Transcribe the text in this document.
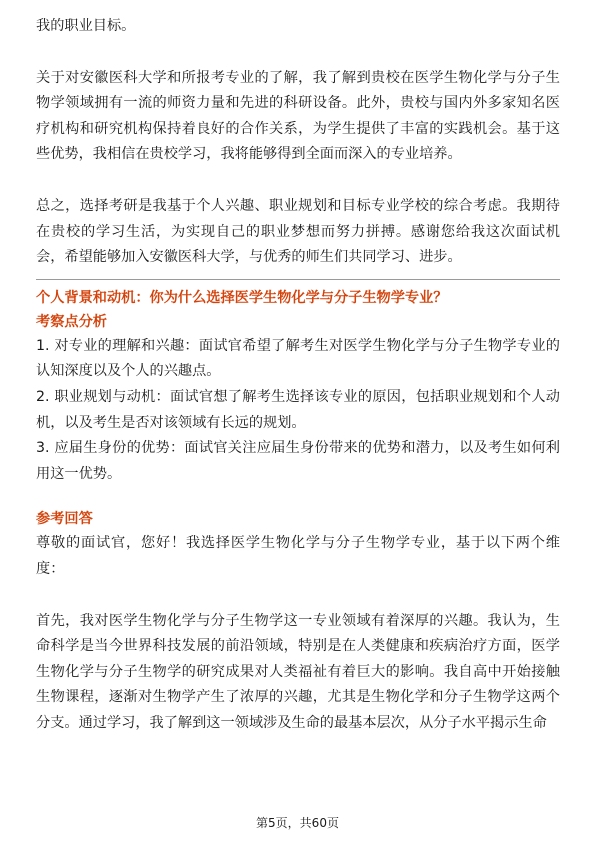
我的职业目标。

关于对安徽医科大学和所报考专业的了解，我了解到贵校在医学生物化学与分子生物学领域拥有一流的师资力量和先进的科研设备。此外，贵校与国内外多家知名医疗机构和研究机构保持着良好的合作关系，为学生提供了丰富的实践机会。基于这些优势，我相信在贵校学习，我将能够得到全面而深入的专业培养。

总之，选择考研是我基于个人兴趣、职业规划和目标专业学校的综合考虑。我期待在贵校的学习生活，为实现自己的职业梦想而努力拼搏。感谢您给我这次面试机会，希望能够加入安徽医科大学，与优秀的师生们共同学习、进步。

个人背景和动机：你为什么选择医学生物化学与分子生物学专业？

考察点分析

1. 对专业的理解和兴趣：面试官希望了解考生对医学生物化学与分子生物学专业的认知深度以及个人的兴趣点。

2. 职业规划与动机：面试官想了解考生选择该专业的原因，包括职业规划和个人动机，以及考生是否对该领域有长远的规划。

3. 应届生身份的优势：面试官关注应届生身份带来的优势和潜力，以及考生如何利用这一优势。

参考回答

尊敬的面试官，您好！我选择医学生物化学与分子生物学专业，基于以下两个维度：

首先，我对医学生物化学与分子生物学这一专业领域有着深厚的兴趣。我认为，生命科学是当今世界科技发展的前沿领域，特别是在人类健康和疾病治疗方面，医学生物化学与分子生物学的研究成果对人类福祉有着巨大的影响。我自高中开始接触生物课程，逐渐对生物学产生了浓厚的兴趣，尤其是生物化学和分子生物学这两个分支。通过学习，我了解到这一领域涉及生命的最基本层次，从分子水平揭示生命

第5页，共60页
